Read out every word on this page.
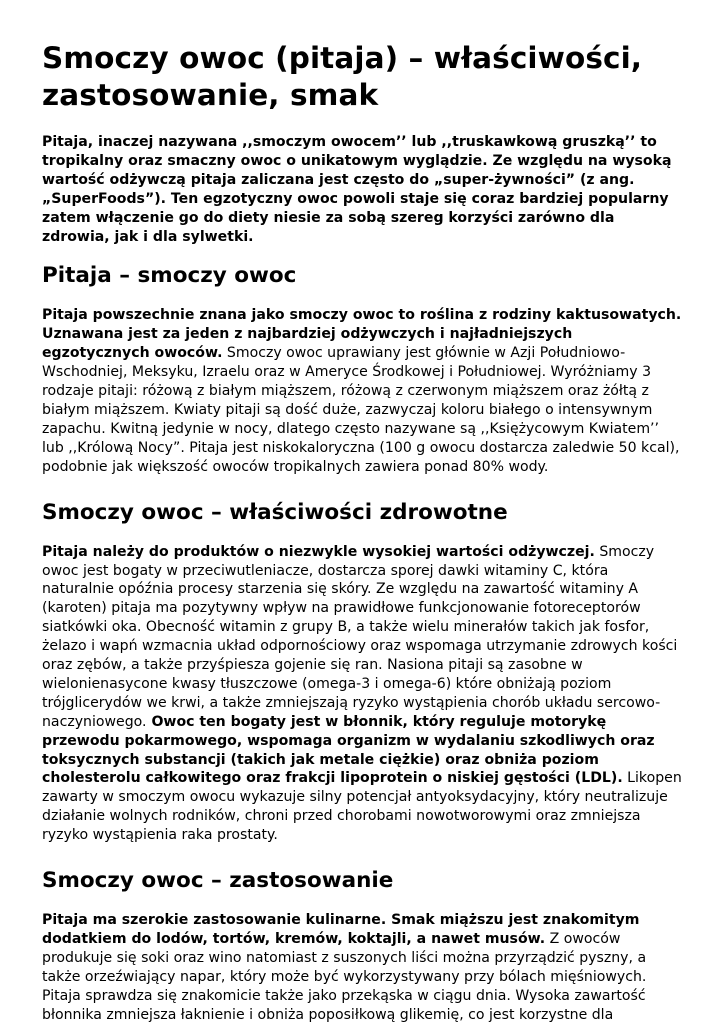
Smoczy owoc (pitaja) – właściwości, zastosowanie, smak

Pitaja, inaczej nazywana ,,smoczym owocem’’ lub ,,truskawkową gruszką’’ to tropikalny oraz smaczny owoc o unikatowym wyglądzie. Ze względu na wysoką wartość odżywczą pitaja zaliczana jest często do „super-żywności” (z ang. „SuperFoods”). Ten egzotyczny owoc powoli staje się coraz bardziej popularny zatem włączenie go do diety niesie za sobą szereg korzyści zarówno dla zdrowia, jak i dla sylwetki.

Pitaja – smoczy owoc

Pitaja powszechnie znana jako smoczy owoc to roślina z rodziny kaktusowatych. Uznawana jest za jeden z najbardziej odżywczych i najładniejszych egzotycznych owoców. Smoczy owoc uprawiany jest głównie w Azji Południowo-Wschodniej, Meksyku, Izraelu oraz w Ameryce Środkowej i Południowej. Wyróżniamy 3 rodzaje pitaji: różową z białym miąższem, różową z czerwonym miąższem oraz żółtą z białym miąższem. Kwiaty pitaji są dość duże, zazwyczaj koloru białego o intensywnym zapachu. Kwitną jedynie w nocy, dlatego często nazywane są ,,Księżycowym Kwiatem’’ lub ,,Królową Nocy”. Pitaja jest niskokaloryczna (100 g owocu dostarcza zaledwie 50 kcal), podobnie jak większość owoców tropikalnych zawiera ponad 80% wody.

Smoczy owoc – właściwości zdrowotne

Pitaja należy do produktów o niezwykle wysokiej wartości odżywczej. Smoczy owoc jest bogaty w przeciwutleniacze, dostarcza sporej dawki witaminy C, która naturalnie opóźnia procesy starzenia się skóry. Ze względu na zawartość witaminy A (karoten) pitaja ma pozytywny wpływ na prawidłowe funkcjonowanie fotoreceptorów siatkówki oka. Obecność witamin z grupy B, a także wielu minerałów takich jak fosfor, żelazo i wapń wzmacnia układ odpornościowy oraz wspomaga utrzymanie zdrowych kości oraz zębów, a także przyśpiesza gojenie się ran. Nasiona pitaji są zasobne w wielonienasycone kwasy tłuszczowe (omega-3 i omega-6) które obniżają poziom trójglicerydów we krwi, a także zmniejszają ryzyko wystąpienia chorób układu sercowo-naczyniowego. Owoc ten bogaty jest w błonnik, który reguluje motorykę przewodu pokarmowego, wspomaga organizm w wydalaniu szkodliwych oraz toksycznych substancji (takich jak metale ciężkie) oraz obniża poziom cholesterolu całkowitego oraz frakcji lipoprotein o niskiej gęstości (LDL). Likopen zawarty w smoczym owocu wykazuje silny potencjał antyoksydacyjny, który neutralizuje działanie wolnych rodników, chroni przed chorobami nowotworowymi oraz zmniejsza ryzyko wystąpienia raka prostaty.

Smoczy owoc – zastosowanie

Pitaja ma szerokie zastosowanie kulinarne. Smak miąższu jest znakomitym dodatkiem do lodów, tortów, kremów, koktajli, a nawet musów. Z owoców produkuje się soki oraz wino natomiast z suszonych liści można przyrządzić pyszny, a także orzeźwiający napar, który może być wykorzystywany przy bólach mięśniowych. Pitaja sprawdza się znakomicie także jako przekąska w ciągu dnia. Wysoka zawartość błonnika zmniejsza łaknienie i obniża poposiłkową glikemię, co jest korzystne dla
